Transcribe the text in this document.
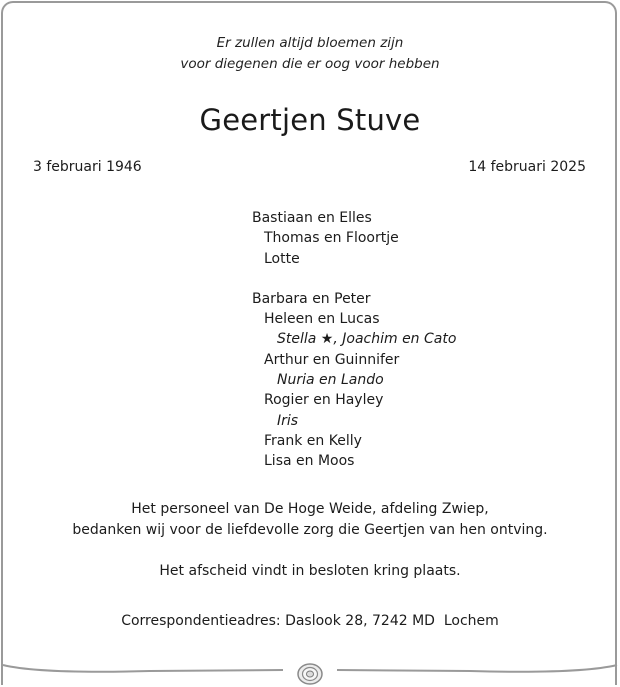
Er zullen altijd bloemen zijn
voor diegenen die er oog voor hebben
Geertjen Stuve
3 februari 1946	14 februari 2025
Bastiaan en Elles
Thomas en Floortje
Lotte
Barbara en Peter
Heleen en Lucas
Stella ★, Joachim en Cato
Arthur en Guinnifer
Nuria en Lando
Rogier en Hayley
Iris
Frank en Kelly
Lisa en Moos
Het personeel van De Hoge Weide, afdeling Zwiep,
bedanken wij voor de liefdevolle zorg die Geertjen van hen ontving.
Het afscheid vindt in besloten kring plaats.
Correspondentieadres: Daslook 28, 7242 MD  Lochem
